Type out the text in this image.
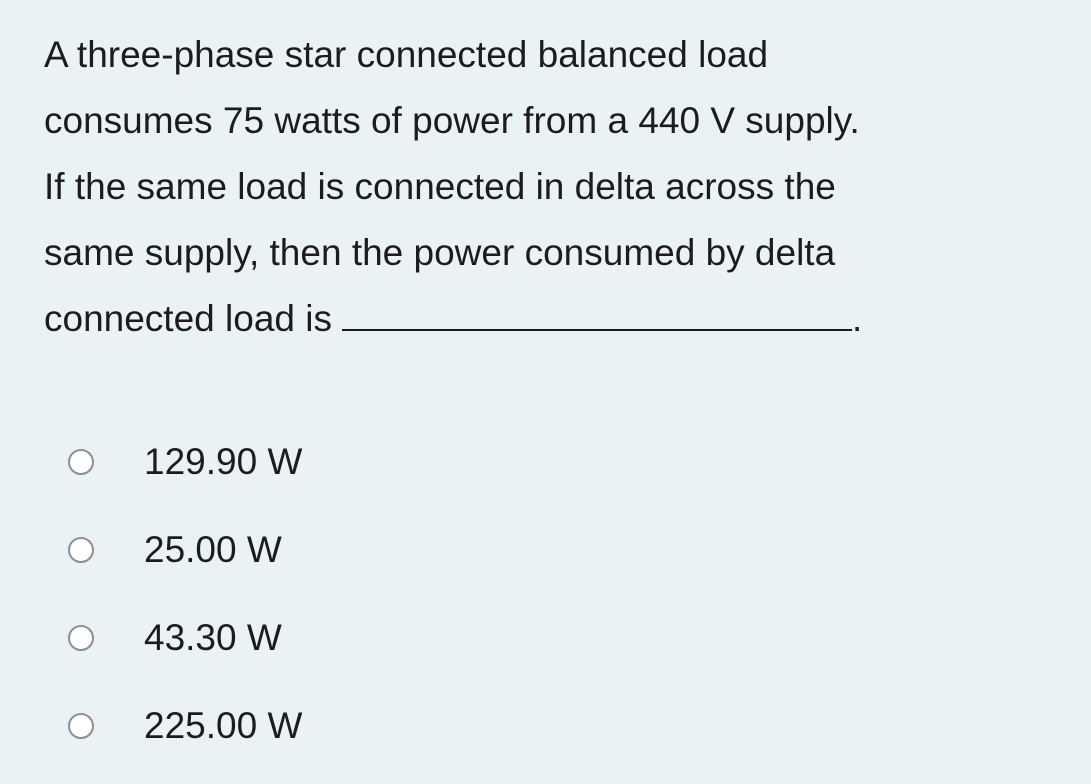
A three-phase star connected balanced load
consumes 75 watts of power from a 440 V supply.
If the same load is connected in delta across the
same supply, then the power consumed by delta
connected load is	.
129.90 W
25.00 W
43.30 W
225.00 W
